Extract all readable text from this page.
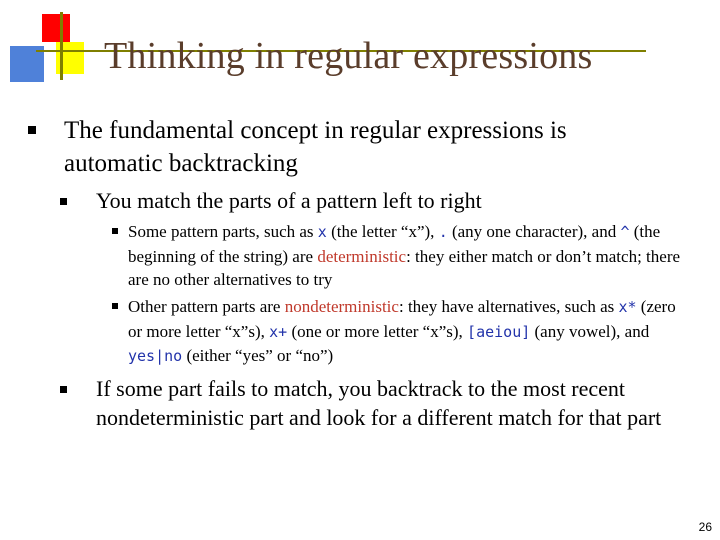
Thinking in regular expressions
The fundamental concept in regular expressions is
automatic backtracking
You match the parts of a pattern left to right
Some pattern parts, such as x (the letter “x”), . (any one character), and ^ (the beginning of the string) are deterministic: they either match or don’t match; there are no other alternatives to try
Other pattern parts are nondeterministic: they have alternatives, such as x* (zero or more letter “x”s), x+ (one or more letter “x”s), [aeiou] (any vowel), and yes|no (either “yes” or “no”)
If some part fails to match, you backtrack to the most recent nondeterministic part and look for a different match for that part
26
